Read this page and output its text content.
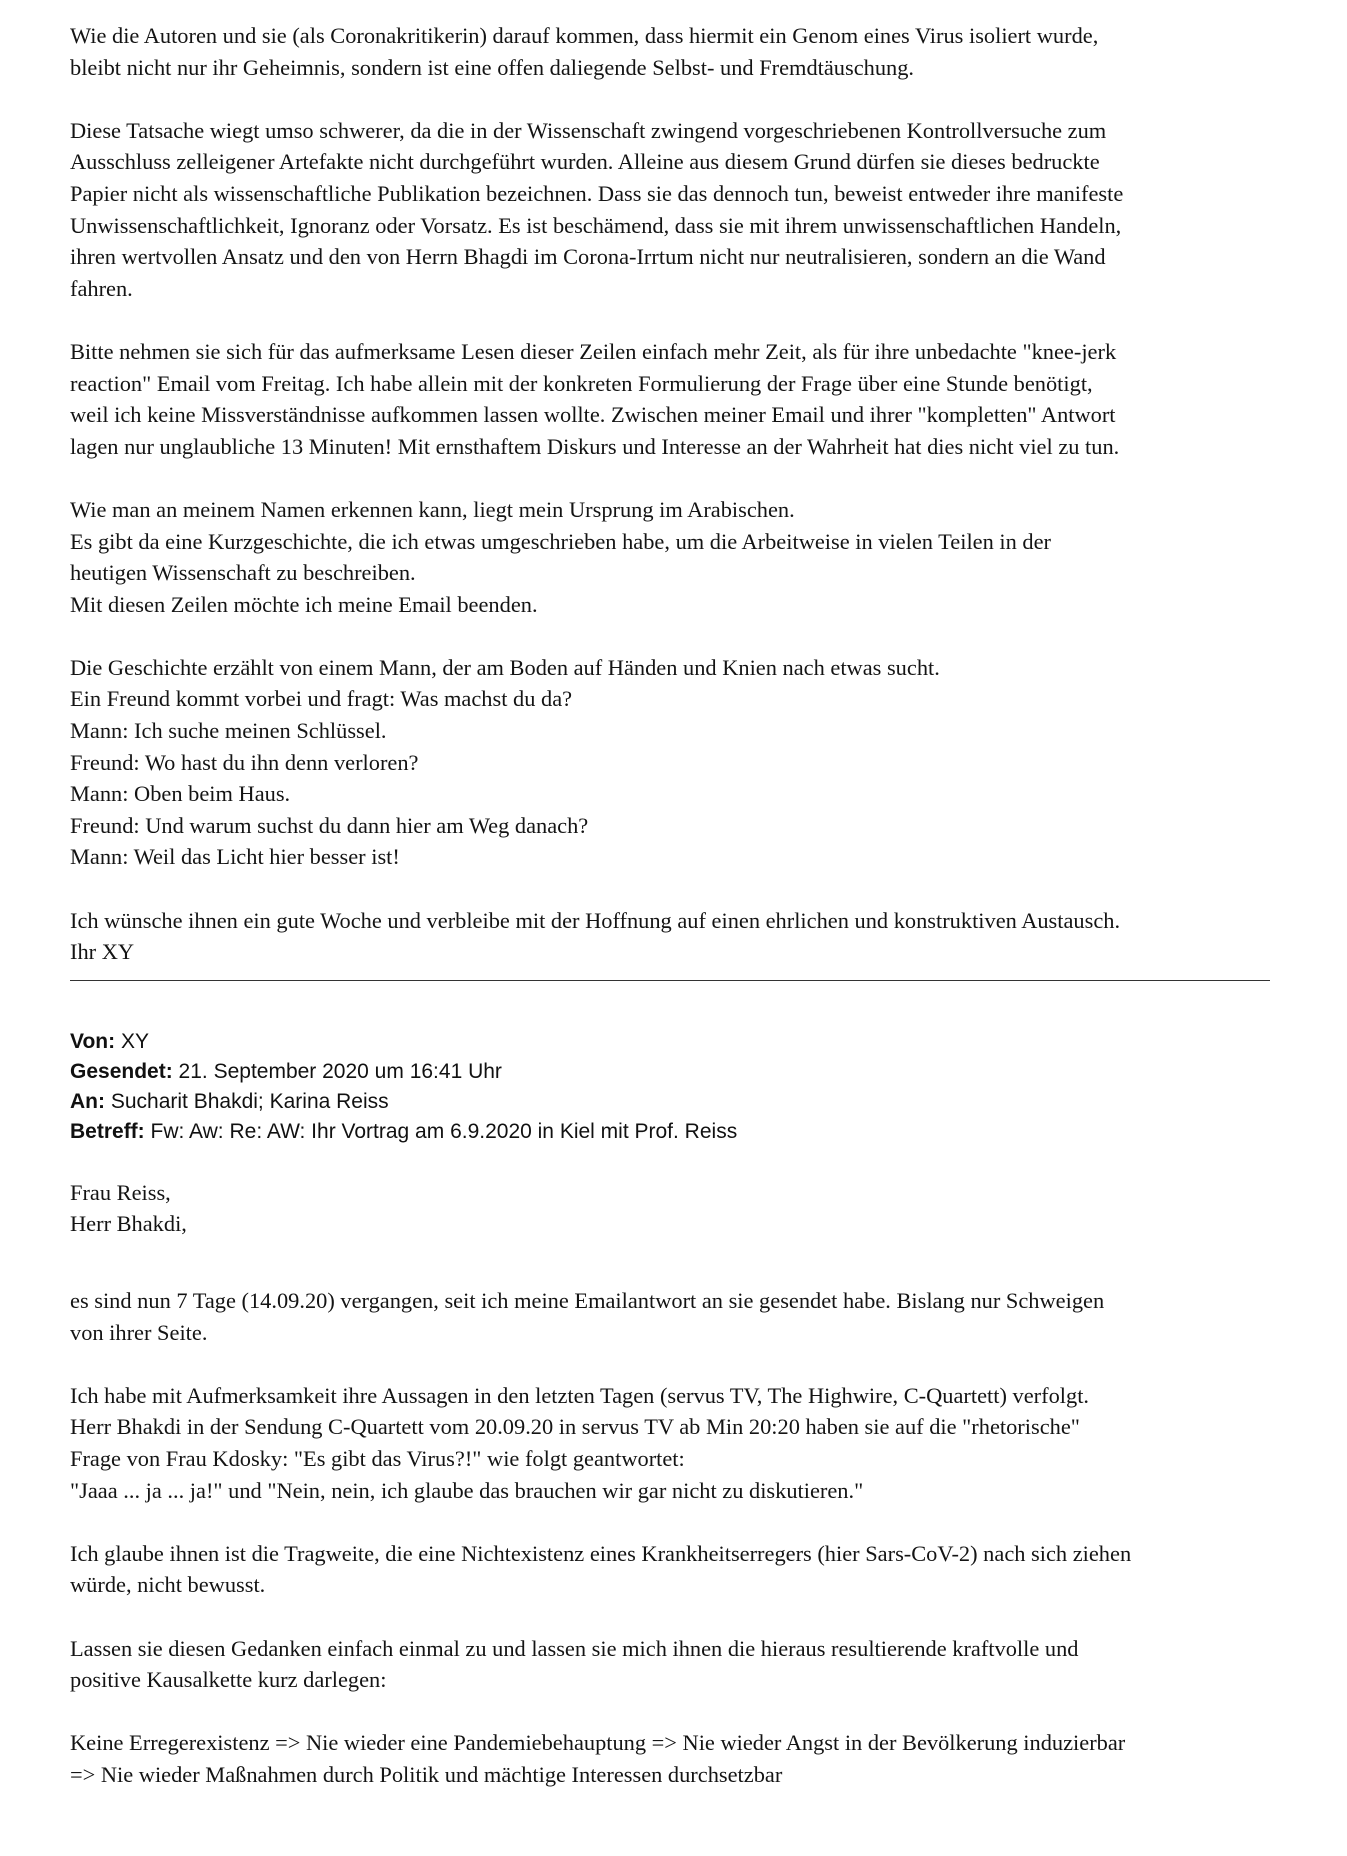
Wie die Autoren und sie (als Coronakritikerin) darauf kommen, dass hiermit ein Genom eines Virus isoliert wurde,
bleibt nicht nur ihr Geheimnis, sondern ist eine offen daliegende Selbst- und Fremdtäuschung.

Diese Tatsache wiegt umso schwerer, da die in der Wissenschaft zwingend vorgeschriebenen Kontrollversuche zum
Ausschluss zelleigener Artefakte nicht durchgeführt wurden. Alleine aus diesem Grund dürfen sie dieses bedruckte
Papier nicht als wissenschaftliche Publikation bezeichnen. Dass sie das dennoch tun, beweist entweder ihre manifeste
Unwissenschaftlichkeit, Ignoranz oder Vorsatz. Es ist beschämend, dass sie mit ihrem unwissenschaftlichen Handeln,
ihren wertvollen Ansatz und den von Herrn Bhagdi im Corona-Irrtum nicht nur neutralisieren, sondern an die Wand
fahren.

Bitte nehmen sie sich für das aufmerksame Lesen dieser Zeilen einfach mehr Zeit, als für ihre unbedachte "knee-jerk
reaction" Email vom Freitag. Ich habe allein mit der konkreten Formulierung der Frage über eine Stunde benötigt,
weil ich keine Missverständnisse aufkommen lassen wollte. Zwischen meiner Email und ihrer "kompletten" Antwort
lagen nur unglaubliche 13 Minuten! Mit ernsthaftem Diskurs und Interesse an der Wahrheit hat dies nicht viel zu tun.

Wie man an meinem Namen erkennen kann, liegt mein Ursprung im Arabischen.
Es gibt da eine Kurzgeschichte, die ich etwas umgeschrieben habe, um die Arbeitweise in vielen Teilen in der
heutigen Wissenschaft zu beschreiben.
Mit diesen Zeilen möchte ich meine Email beenden.

Die Geschichte erzählt von einem Mann, der am Boden auf Händen und Knien nach etwas sucht.
Ein Freund kommt vorbei und fragt: Was machst du da?
Mann: Ich suche meinen Schlüssel.
Freund: Wo hast du ihn denn verloren?
Mann: Oben beim Haus.
Freund: Und warum suchst du dann hier am Weg danach?
Mann: Weil das Licht hier besser ist!

Ich wünsche ihnen ein gute Woche und verbleibe mit der Hoffnung auf einen ehrlichen und konstruktiven Austausch.
Ihr XY

Von: XY
Gesendet: 21. September 2020 um 16:41 Uhr
An: Sucharit Bhakdi; Karina Reiss
Betreff: Fw: Aw: Re: AW: Ihr Vortrag am 6.9.2020 in Kiel mit Prof. Reiss

Frau Reiss,
Herr Bhakdi,

es sind nun 7 Tage (14.09.20) vergangen, seit ich meine Emailantwort an sie gesendet habe. Bislang nur Schweigen
von ihrer Seite.

Ich habe mit Aufmerksamkeit ihre Aussagen in den letzten Tagen (servus TV, The Highwire, C-Quartett) verfolgt.
Herr Bhakdi in der Sendung C-Quartett vom 20.09.20 in servus TV ab Min 20:20 haben sie auf die "rhetorische"
Frage von Frau Kdosky: "Es gibt das Virus?!" wie folgt geantwortet:
"Jaaa ... ja ... ja!" und "Nein, nein, ich glaube das brauchen wir gar nicht zu diskutieren."

Ich glaube ihnen ist die Tragweite, die eine Nichtexistenz eines Krankheitserregers (hier Sars-CoV-2) nach sich ziehen
würde, nicht bewusst.

Lassen sie diesen Gedanken einfach einmal zu und lassen sie mich ihnen die hieraus resultierende kraftvolle und
positive Kausalkette kurz darlegen:

Keine Erregerexistenz => Nie wieder eine Pandemiebehauptung => Nie wieder Angst in der Bevölkerung induzierbar
=> Nie wieder Maßnahmen durch Politik und mächtige Interessen durchsetzbar
